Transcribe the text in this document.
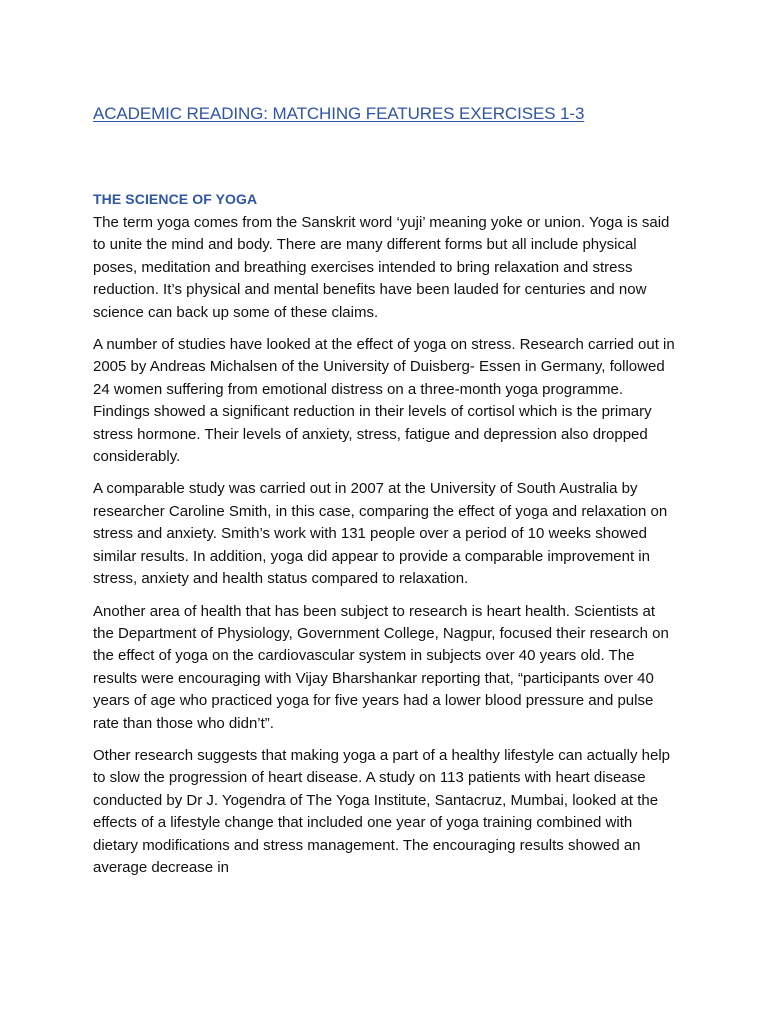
ACADEMIC READING: MATCHING FEATURES EXERCISES 1-3
THE SCIENCE OF YOGA

The term yoga comes from the Sanskrit word ‘yuji’ meaning yoke or union. Yoga is said to unite the mind and body. There are many different forms but all include physical poses, meditation and breathing exercises intended to bring relaxation and stress reduction. It’s physical and mental benefits have been lauded for centuries and now science can back up some of these claims.

A number of studies have looked at the effect of yoga on stress. Research carried out in 2005 by Andreas Michalsen of the University of Duisberg- Essen in Germany, followed 24 women suffering from emotional distress on a three-month yoga programme. Findings showed a significant reduction in their levels of cortisol which is the primary stress hormone. Their levels of anxiety, stress, fatigue and depression also dropped considerably.

A comparable study was carried out in 2007 at the University of South Australia by researcher Caroline Smith, in this case, comparing the effect of yoga and relaxation on stress and anxiety. Smith’s work with 131 people over a period of 10 weeks showed similar results. In addition, yoga did appear to provide a comparable improvement in stress, anxiety and health status compared to relaxation.

Another area of health that has been subject to research is heart health. Scientists at the Department of Physiology, Government College, Nagpur, focused their research on the effect of yoga on the cardiovascular system in subjects over 40 years old. The results were encouraging with Vijay Bharshankar reporting that, “participants over 40 years of age who practiced yoga for five years had a lower blood pressure and pulse rate than those who didn’t”.

Other research suggests that making yoga a part of a healthy lifestyle can actually help to slow the progression of heart disease. A study on 113 patients with heart disease conducted by Dr J. Yogendra of The Yoga Institute, Santacruz, Mumbai, looked at the effects of a lifestyle change that included one year of yoga training combined with dietary modifications and stress management. The encouraging results showed an average decrease in
